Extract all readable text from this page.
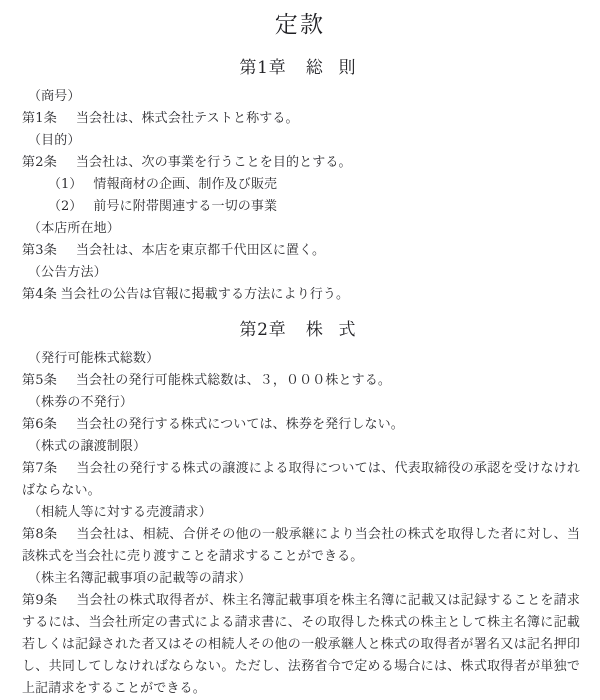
定款
第1章 総 則

（商号）

第1条 当会社は、株式会社テストと称する。

（目的）

第2条 当会社は、次の事業を行うことを目的とする。

（1） 情報商材の企画、制作及び販売

（2） 前号に附帯関連する一切の事業

（本店所在地）

第3条 当会社は、本店を東京都千代田区に置く。

（公告方法）

第4条 当会社の公告は官報に掲載する方法により行う。

第2章 株 式

（発行可能株式総数）

第5条 当会社の発行可能株式総数は、３，０００株とする。

（株券の不発行）

第6条 当会社の発行する株式については、株券を発行しない。

（株式の譲渡制限）

第7条 当会社の発行する株式の譲渡による取得については、代表取締役の承認を受けなければならない。

（相続人等に対する売渡請求）

第8条 当会社は、相続、合併その他の一般承継により当会社の株式を取得した者に対し、当該株式を当会社に売り渡すことを請求することができる。

（株主名簿記載事項の記載等の請求）

第9条 当会社の株式取得者が、株主名簿記載事項を株主名簿に記載又は記録することを請求するには、当会社所定の書式による請求書に、その取得した株式の株主として株主名簿に記載若しくは記録された者又はその相続人その他の一般承継人と株式の取得者が署名又は記名押印し、共同してしなければならない。ただし、法務省令で定める場合には、株式取得者が単独で上記請求をすることができる。
